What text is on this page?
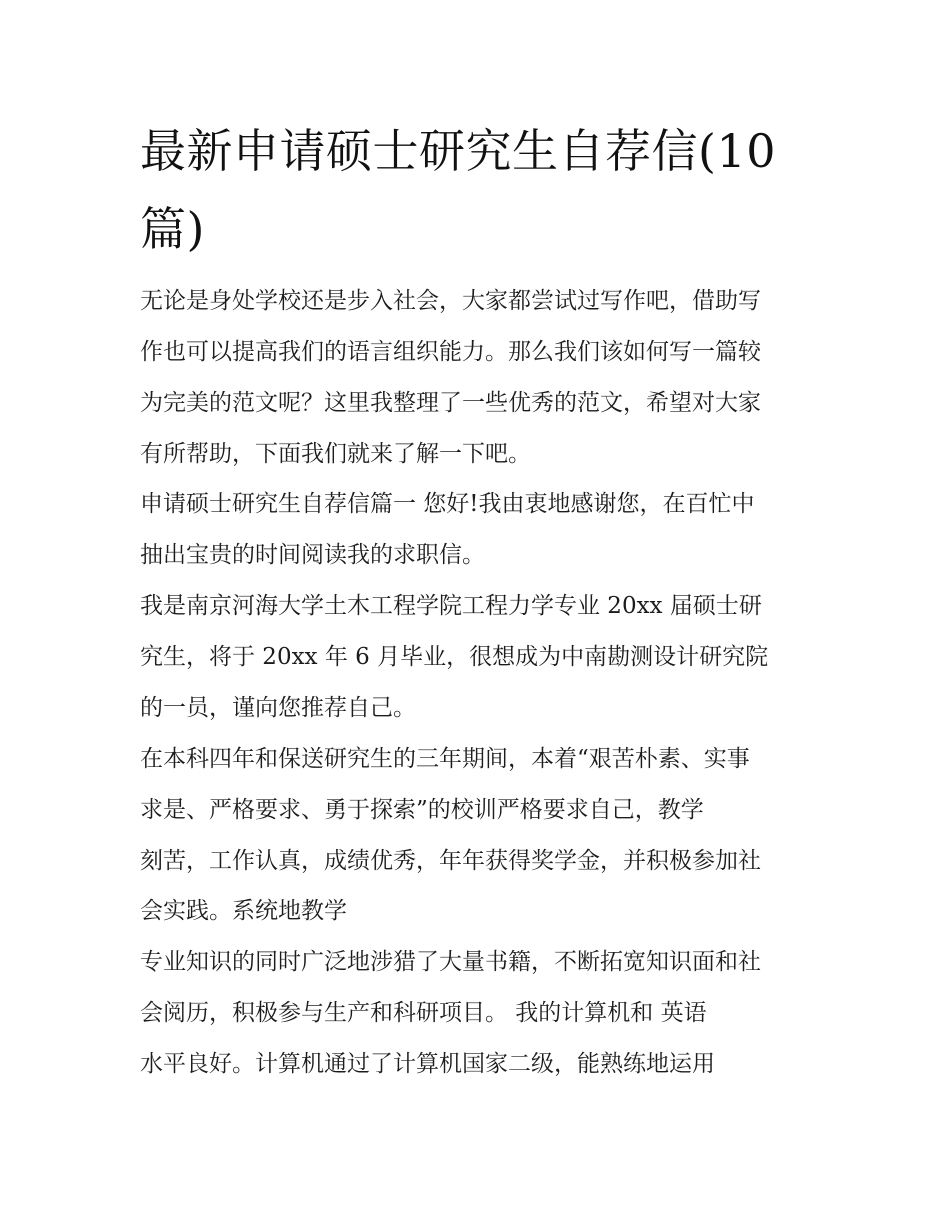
最新申请硕士研究生自荐信(10
篇)

无论是身处学校还是步入社会，大家都尝试过写作吧，借助写

作也可以提高我们的语言组织能力。那么我们该如何写一篇较

为完美的范文呢？这里我整理了一些优秀的范文，希望对大家

有所帮助，下面我们就来了解一下吧。

申请硕士研究生自荐信篇一 您好!我由衷地感谢您，在百忙中

抽出宝贵的时间阅读我的求职信。

我是南京河海大学土木工程学院工程力学专业 20xx 届硕士研

究生，将于 20xx 年 6 月毕业，很想成为中南勘测设计研究院

的一员，谨向您推荐自己。

在本科四年和保送研究生的三年期间，本着“艰苦朴素、实事

求是、严格要求、勇于探索”的校训严格要求自己，教学

刻苦，工作认真，成绩优秀，年年获得奖学金，并积极参加社

会实践。系统地教学

专业知识的同时广泛地涉猎了大量书籍，不断拓宽知识面和社

会阅历，积极参与生产和科研项目。 我的计算机和 英语

水平良好。计算机通过了计算机国家二级，能熟练地运用
